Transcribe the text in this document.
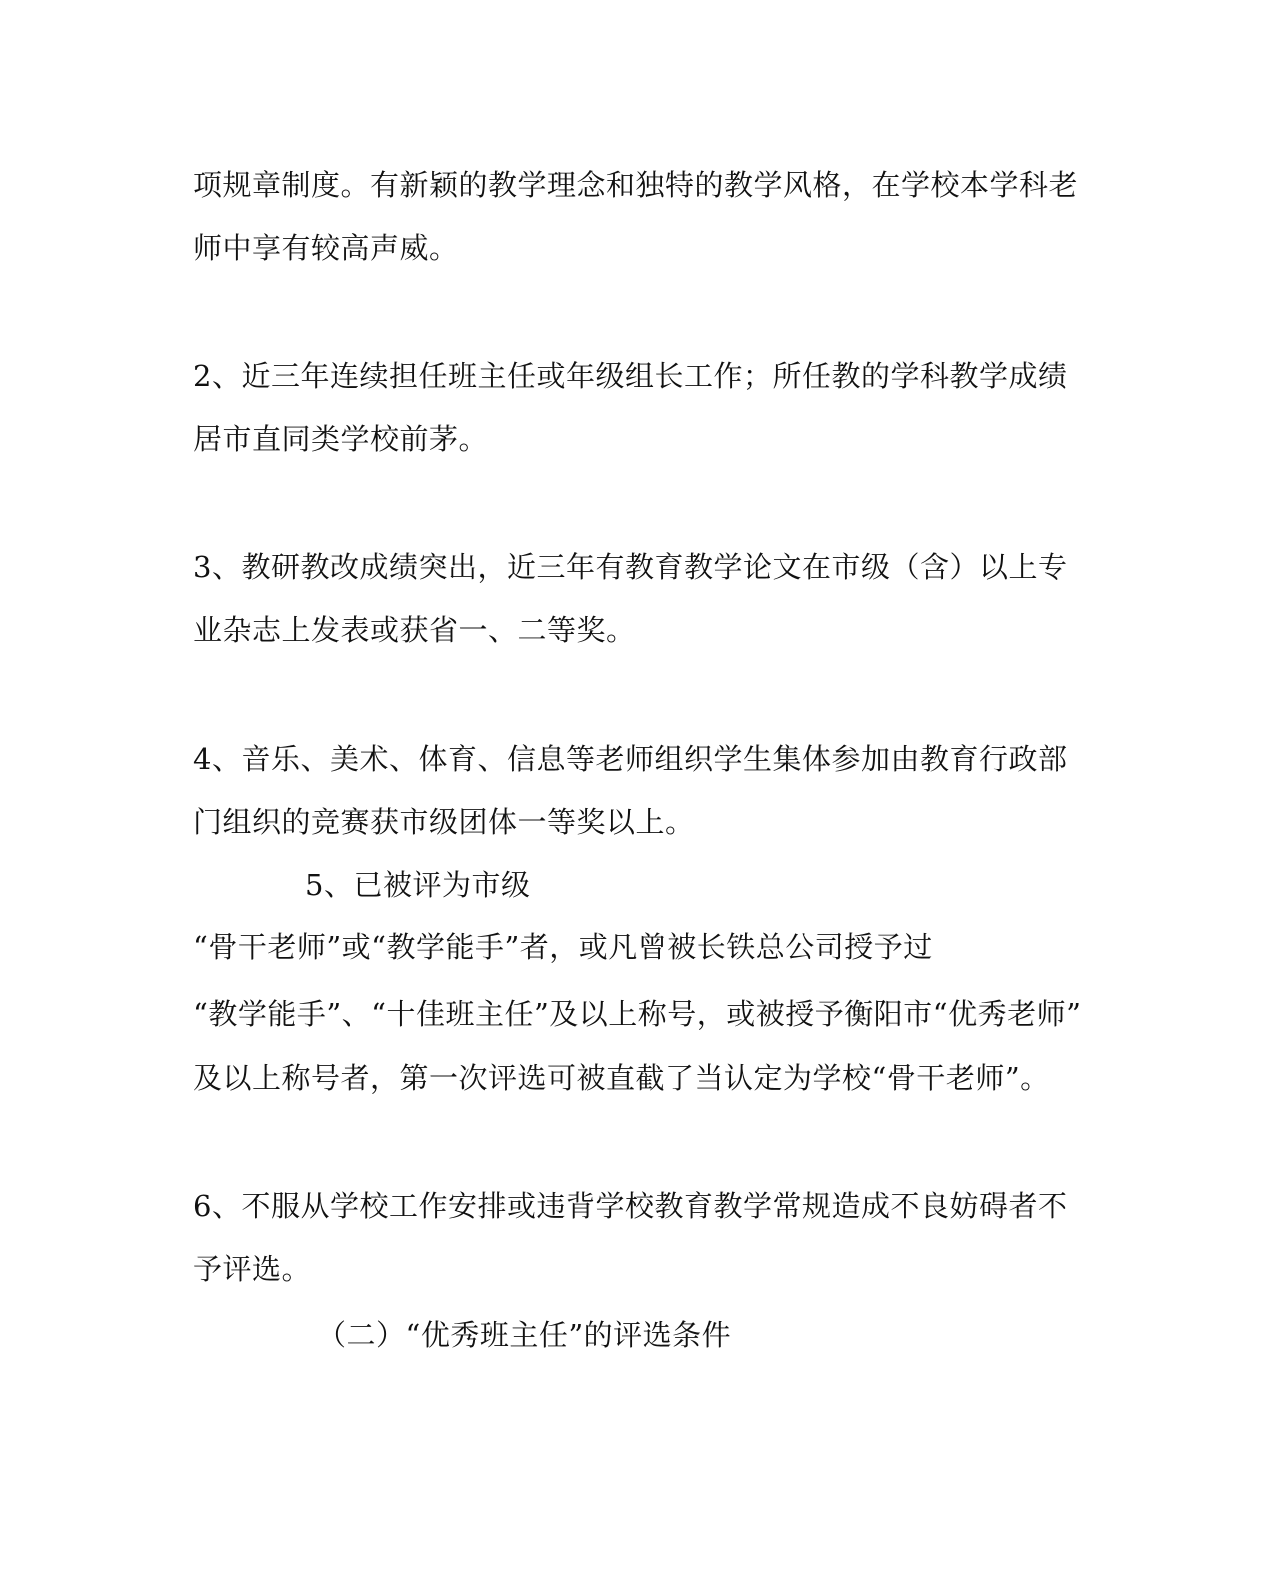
项规章制度。有新颖的教学理念和独特的教学风格，在学校本学科老
师中享有较高声威。
2、近三年连续担任班主任或年级组长工作；所任教的学科教学成绩
居市直同类学校前茅。
3、教研教改成绩突出，近三年有教育教学论文在市级（含）以上专
业杂志上发表或获省一、二等奖。
4、音乐、美术、体育、信息等老师组织学生集体参加由教育行政部
门组织的竞赛获市级团体一等奖以上。
5、已被评为市级
“骨干老师”或“教学能手”者，或凡曾被长铁总公司授予过
“教学能手”、“十佳班主任”及以上称号，或被授予衡阳市“优秀老师”
及以上称号者，第一次评选可被直截了当认定为学校“骨干老师”。
6、不服从学校工作安排或违背学校教育教学常规造成不良妨碍者不
予评选。
（二）“优秀班主任”的评选条件
